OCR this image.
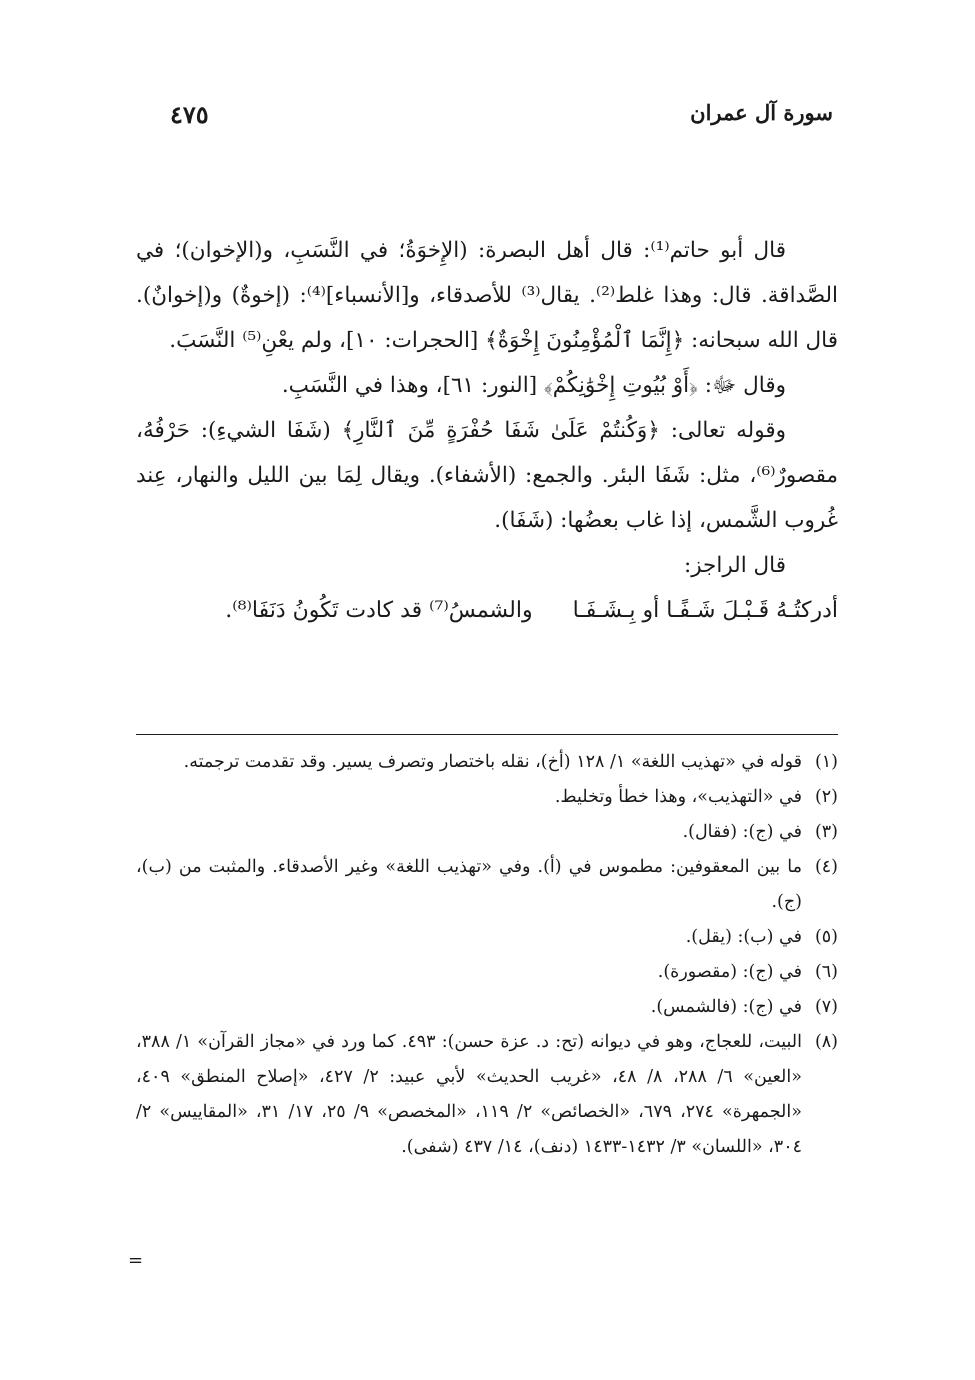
سورة آل عمران
٤٧٥

قال أبو حاتم⁽¹⁾: قال أهل البصرة: (الإِخوَةُ؛ في النَّسَبِ، و(الإخوان)؛ في الصَّداقة. قال: وهذا غلط⁽²⁾. يقال⁽³⁾ للأصدقاء، و[الأنسباء]⁽⁴⁾: (إخوةٌ) و(إخوانٌ). قال الله سبحانه: ﴿إِنَّمَا ٱلْمُؤْمِنُونَ إِخْوَةٌ﴾ [الحجرات: ١٠]، ولم يعْنِ⁽⁵⁾ النَّسَبَ.

وقال ﷻ: ﴿أَوْ بُيُوتِ إِخْوَٰنِكُمْ﴾ [النور: ٦١]، وهذا في النَّسَبِ.

وقوله تعالى: ﴿وَكُنتُمْ عَلَىٰ شَفَا حُفْرَةٍ مِّنَ ٱلنَّارِ﴾ (شَفَا الشيءِ): حَرْفُهُ، مقصورٌ⁽⁶⁾، مثل: شَفَا البئر. والجمع: (الأشفاء). ويقال لِمَا بين الليل والنهار، عِند غُروب الشَّمس، إذا غاب بعضُها: (شَفَا).

قال الراجز:

أدركتُـهُ قَـبْـلَ شَـفًـا أو بِـشَـفَـاوالشمسُ⁽⁷⁾ قد كادت تَكُونُ دَنَفَا⁽⁸⁾.
(١)
قوله في «تهذيب اللغة» ١/ ١٢٨ (أخ)، نقله باختصار وتصرف يسير. وقد تقدمت ترجمته.
(٢)
في «التهذيب»، وهذا خطأ وتخليط.
(٣)
في (ج): (فقال).
(٤)
ما بين المعقوفين: مطموس في (أ). وفي «تهذيب اللغة» وغير الأصدقاء. والمثبت من (ب)، (ج).
(٥)
في (ب): (يقل).
(٦)
في (ج): (مقصورة).
(٧)
في (ج): (فالشمس).
(٨)
البيت، للعجاج، وهو في ديوانه (تح: د. عزة حسن): ٤٩٣. كما ورد في «مجاز القرآن» ١/ ٣٨٨، «العين» ٦/ ٢٨٨، ٨/ ٤٨، «غريب الحديث» لأبي عبيد: ٢/ ٤٢٧، «إصلاح المنطق» ٤٠٩، «الجمهرة» ٢٧٤، ٦٧٩، «الخصائص» ٢/ ١١٩، «المخصص» ٩/ ٢٥، ١٧/ ٣١، «المقاييس» ٢/ ٣٠٤، «اللسان» ٣/ ١٤٣٢-١٤٣٣ (دنف)، ١٤/ ٤٣٧ (شفى).
=
